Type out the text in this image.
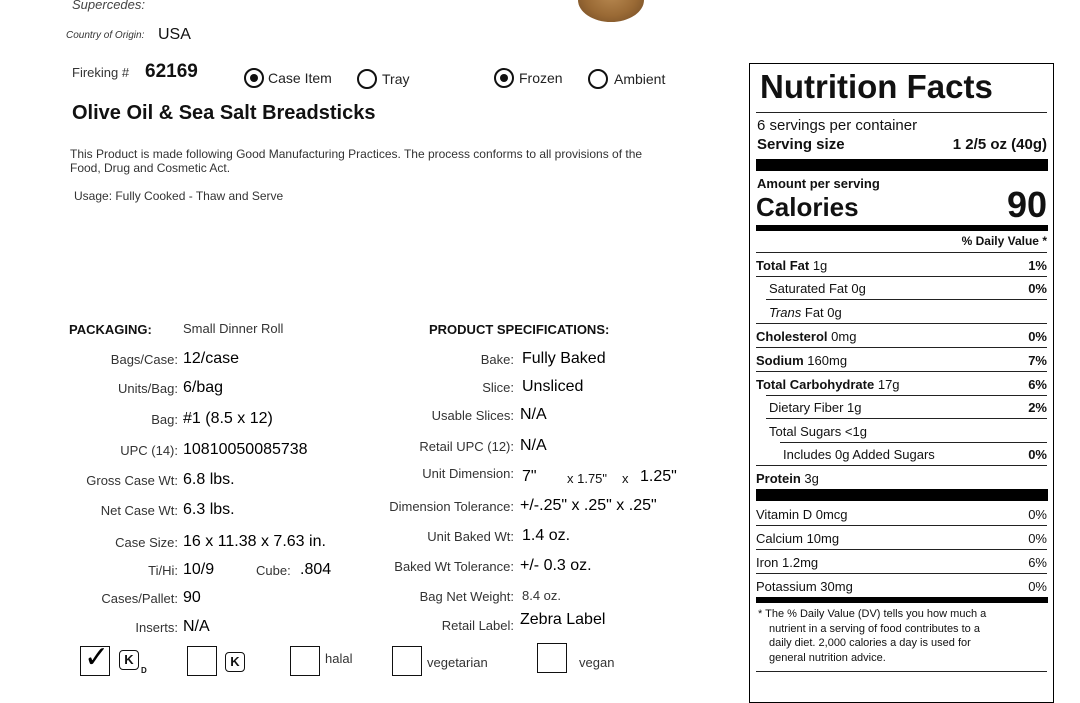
Supercedes:
Country of Origin: USA
Fireking # 62169	Case Item	Tray	Frozen	Ambient
Olive Oil & Sea Salt Breadsticks
This Product is made following Good Manufacturing Practices. The process conforms to all provisions of the
Food, Drug and Cosmetic Act.
Usage: Fully Cooked - Thaw and Serve
PACKAGING: Small Dinner Roll
Bags/Case: 12/case
Units/Bag: 6/bag
Bag: #1 (8.5 x 12)
UPC (14): 10810050085738
Gross Case Wt: 6.8 lbs.
Net Case Wt: 6.3 lbs.
Case Size: 16 x 11.38 x 7.63 in.
Ti/Hi: 10/9
Cases/Pallet: 90
Inserts: N/A
Cube: .804
PRODUCT SPECIFICATIONS:
Bake: Fully Baked
Slice: Unsliced
Usable Slices: N/A
Retail UPC (12): N/A
Unit Dimension: 7" x 1.75" x 1.25"
Dimension Tolerance: +/-.25" x .25" x .25"
Unit Baked Wt: 1.4 oz.
Baked Wt Tolerance: +/- 0.3 oz.
Bag Net Weight: 8.4 oz.
Retail Label: Zebra Label
✓	K
D
K	halal	vegetarian	vegan
Nutrition Facts
6 servings per container
Serving size	1 2/5 oz (40g)
Amount per serving
Calories	90
% Daily Value *
Total Fat 1g	1%
Saturated Fat 0g	0%
Trans Fat 0g
Cholesterol 0mg	0%
Sodium 160mg	7%
Total Carbohydrate 17g	6%
Dietary Fiber 1g	2%
Total Sugars <1g
Includes 0g Added Sugars	0%
Protein 3g
Vitamin D 0mcg	0%
Calcium 10mg	0%
Iron 1.2mg	6%
Potassium 30mg	0%
* The % Daily Value (DV) tells you how much a
nutrient in a serving of food contributes to a
daily diet. 2,000 calories a day is used for
general nutrition advice.
